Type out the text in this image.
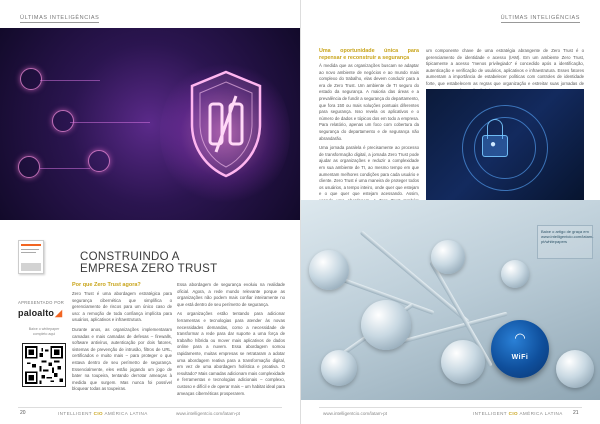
ÚLTIMAS INTELIGÊNCIAS
CONSTRUINDO A
EMPRESA ZERO TRUST
APRESENTADO POR
paloalto◢
Baixe o whitepaper completo aqui
Por que Zero Trust agora?

Zero Trust é uma abordagem estratégica para segurança cibernética que simplifica o gerenciamento de riscos para um único caso de uso: a remoção de toda confiança implícita para usuários, aplicativos e infraestrutura.

Durante anos, as organizações implementaram camadas e mais camadas de defesas – firewalls, software antivírus, autenticação por dois fatores, sistemas de prevenção de intrusão, filtros de URL, certificados e muito mais – para proteger o que estava dentro de seu perímetro de segurança. Essencialmente, eles estão jogando um jogo de bater na toupeira, tentando derrotar ameaças à medida que surgem. Mas nunca foi possível bloquear todas as toupeiras.

Essa abordagem de segurança evoluiu na realidade oficial. Agora, a rede mundo relevante porque as organizações não podem mais confiar inteiramente no que está dentro de seu perímetro de segurança.

As organizações estão tentando para adicionar ferramentas e tecnologias para atender às novas necessidades demandas, como a necessidade de transformar a rede para dar suporte a uma força de trabalho híbrida ou mover mais aplicativos de dados online para a nuvem. Essa abordagem somou rapidamente, muitas empresas se retrataram a adotar uma abordagem reativa para a transformação digital, em vez de uma abordagem holística e proativa. O resultado? Mais camadas adicionam mais complexidade e ferramentas e tecnologias adicionais – complexo, custoso e difícil e de operar mais – um habitat ideal para ameaças cibernéticas prosperarem.

20	INTELLIGENT CIO AMÉRICA LATINA	www.intelligentcio.com/latam-pt
ÚLTIMAS INTELIGÊNCIAS
Uma oportunidade única para repensar e reconstruir a segurança

À medida que as organizações buscam se adaptar ao novo ambiente de negócios e ao mundo mais complexo do trabalho, elas devem conduzir para a era de Zero Trust. Um ambiente de TI seguro do estado da segurança. A maioria das áreas e a prevalência de fundir a segurança do departamento, que fora 150 ou mais soluções pontuais diferentes para segurança. Isso revela os aplicativos e o número de dados e tópicos dos em todo a empresa. Para relatório, apenas um foco com cobertura da segurança do departamento e de segurança não abrandarão.

Uma jornada paralela é precisamente ao processo de transformação digital, a jornada Zero Trust pode ajudar as organizações e reduzir a complexidade em sua ambiente de TI, ao mesmo tempo em que aumentam melhores condições para cada usuário e cliente. Zero Trust é uma maneira de proteger todos os usuários, a tempo inteiro, onde quer que estejam e o que quer que estejam acessando. Assim,

um componente chave de uma estratégia abrangente de Zero Trust é o gerenciamento de identidade e acesso (IAM). Em um ambiente Zero Trust, tipicamente a acesso "menos privilegiado" é concedido após a identificação, autenticação e verificação de usuários, aplicativos e infraestrutura. Esses fatores aumentam a importância de estabelecer políticas com controles de identidade forte, que estabelecem as regras que organização e estreitar suas jornadas de

●
◠
WiFi
Baixe o artigo de graça em www.intelligentcio.com/latam-pt/whitepapers
www.intelligentcio.com/latam-pt	INTELLIGENT CIO AMÉRICA LATINA 21
